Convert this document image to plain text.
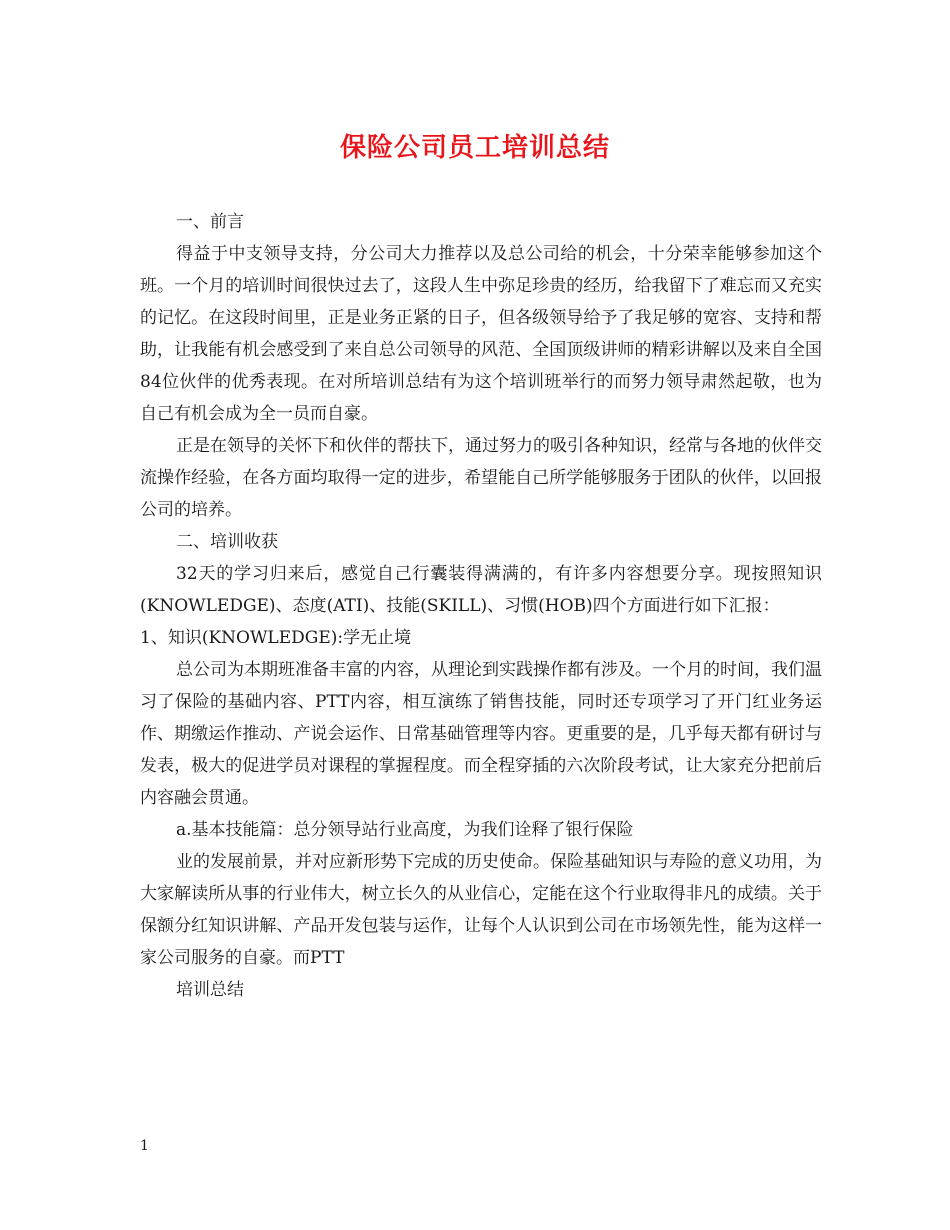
保险公司员工培训总结

一、前言

得益于中支领导支持，分公司大力推荐以及总公司给的机会，十分荣幸能够参加这个班。一个月的培训时间很快过去了，这段人生中弥足珍贵的经历，给我留下了难忘而又充实的记忆。在这段时间里，正是业务正紧的日子，但各级领导给予了我足够的宽容、支持和帮助，让我能有机会感受到了来自总公司领导的风范、全国顶级讲师的精彩讲解以及来自全国84位伙伴的优秀表现。在对所培训总结有为这个培训班举行的而努力领导肃然起敬，也为自己有机会成为全一员而自豪。

正是在领导的关怀下和伙伴的帮扶下，通过努力的吸引各种知识，经常与各地的伙伴交流操作经验，在各方面均取得一定的进步，希望能自己所学能够服务于团队的伙伴，以回报公司的培养。

二、培训收获

32天的学习归来后，感觉自己行囊装得满满的，有许多内容想要分享。现按照知识(KNOWLEDGE)、态度(ATI)、技能(SKILL)、习惯(HOB)四个方面进行如下汇报：

1、知识(KNOWLEDGE):学无止境

总公司为本期班准备丰富的内容，从理论到实践操作都有涉及。一个月的时间，我们温习了保险的基础内容、PTT内容，相互演练了销售技能，同时还专项学习了开门红业务运作、期缴运作推动、产说会运作、日常基础管理等内容。更重要的是，几乎每天都有研讨与发表，极大的促进学员对课程的掌握程度。而全程穿插的六次阶段考试，让大家充分把前后内容融会贯通。

a.基本技能篇：总分领导站行业高度，为我们诠释了银行保险

业的发展前景，并对应新形势下完成的历史使命。保险基础知识与寿险的意义功用，为大家解读所从事的行业伟大，树立长久的从业信心，定能在这个行业取得非凡的成绩。关于保额分红知识讲解、产品开发包装与运作，让每个人认识到公司在市场领先性，能为这样一家公司服务的自豪。而PTT

培训总结

1
